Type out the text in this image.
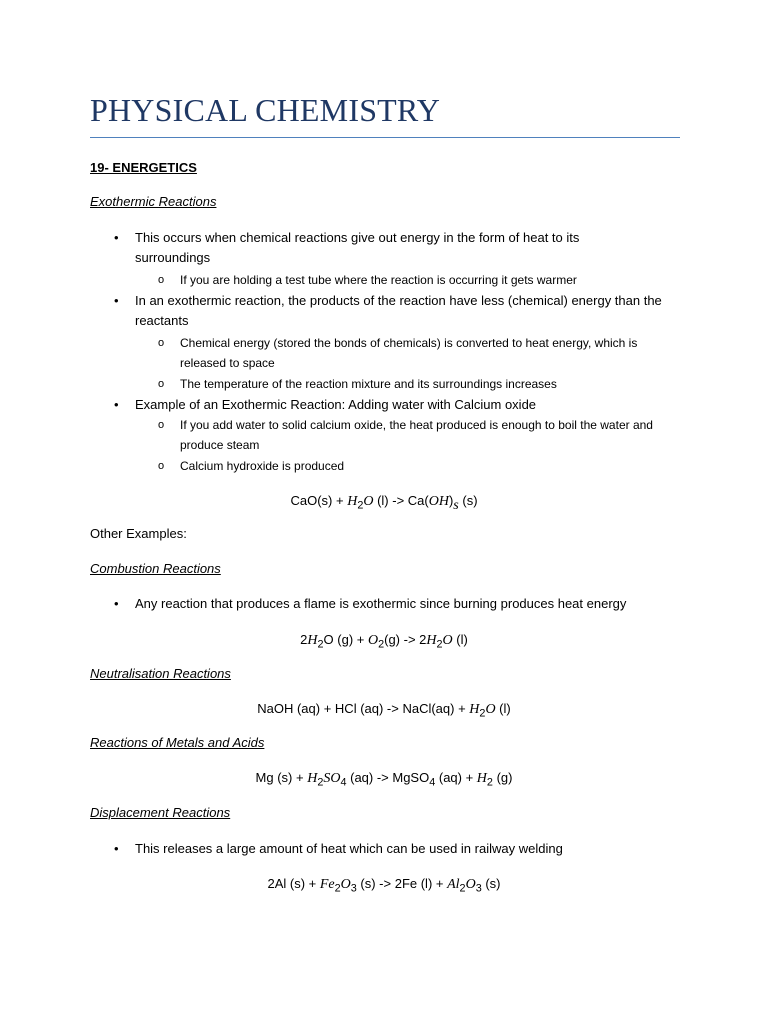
PHYSICAL CHEMISTRY
19- ENERGETICS
Exothermic Reactions
• This occurs when chemical reactions give out energy in the form of heat to its surroundings
o If you are holding a test tube where the reaction is occurring it gets warmer
• In an exothermic reaction, the products of the reaction have less (chemical) energy than the reactants
o Chemical energy (stored the bonds of chemicals) is converted to heat energy, which is released to space
o The temperature of the reaction mixture and its surroundings increases
• Example of an Exothermic Reaction: Adding water with Calcium oxide
o If you add water to solid calcium oxide, the heat produced is enough to boil the water and produce steam
o Calcium hydroxide is produced
$CaO(s) + H_2O$ $(l) -> Ca(OH)_s$ (s)
Other Examples:
Combustion Reactions
• Any reaction that produces a flame is exothermic since burning produces heat energy
$2H_2O$ $(g) + O_2(g) -> 2H_2O$ (l)
Neutralisation Reactions
NaOH (aq) + HCl (aq) -> NaCl(aq) + $H_2O$ (l)
Reactions of Metals and Acids
Mg $(s) + H_2SO_4$ (aq) -> MgSO$_4$ $(aq) + H_2$ (g)
Displacement Reactions
• This releases a large amount of heat which can be used in railway welding
2Al $(s) + Fe_2O_3$ (s) -> 2Fe $(l) + Al_2O_3$ (s)
